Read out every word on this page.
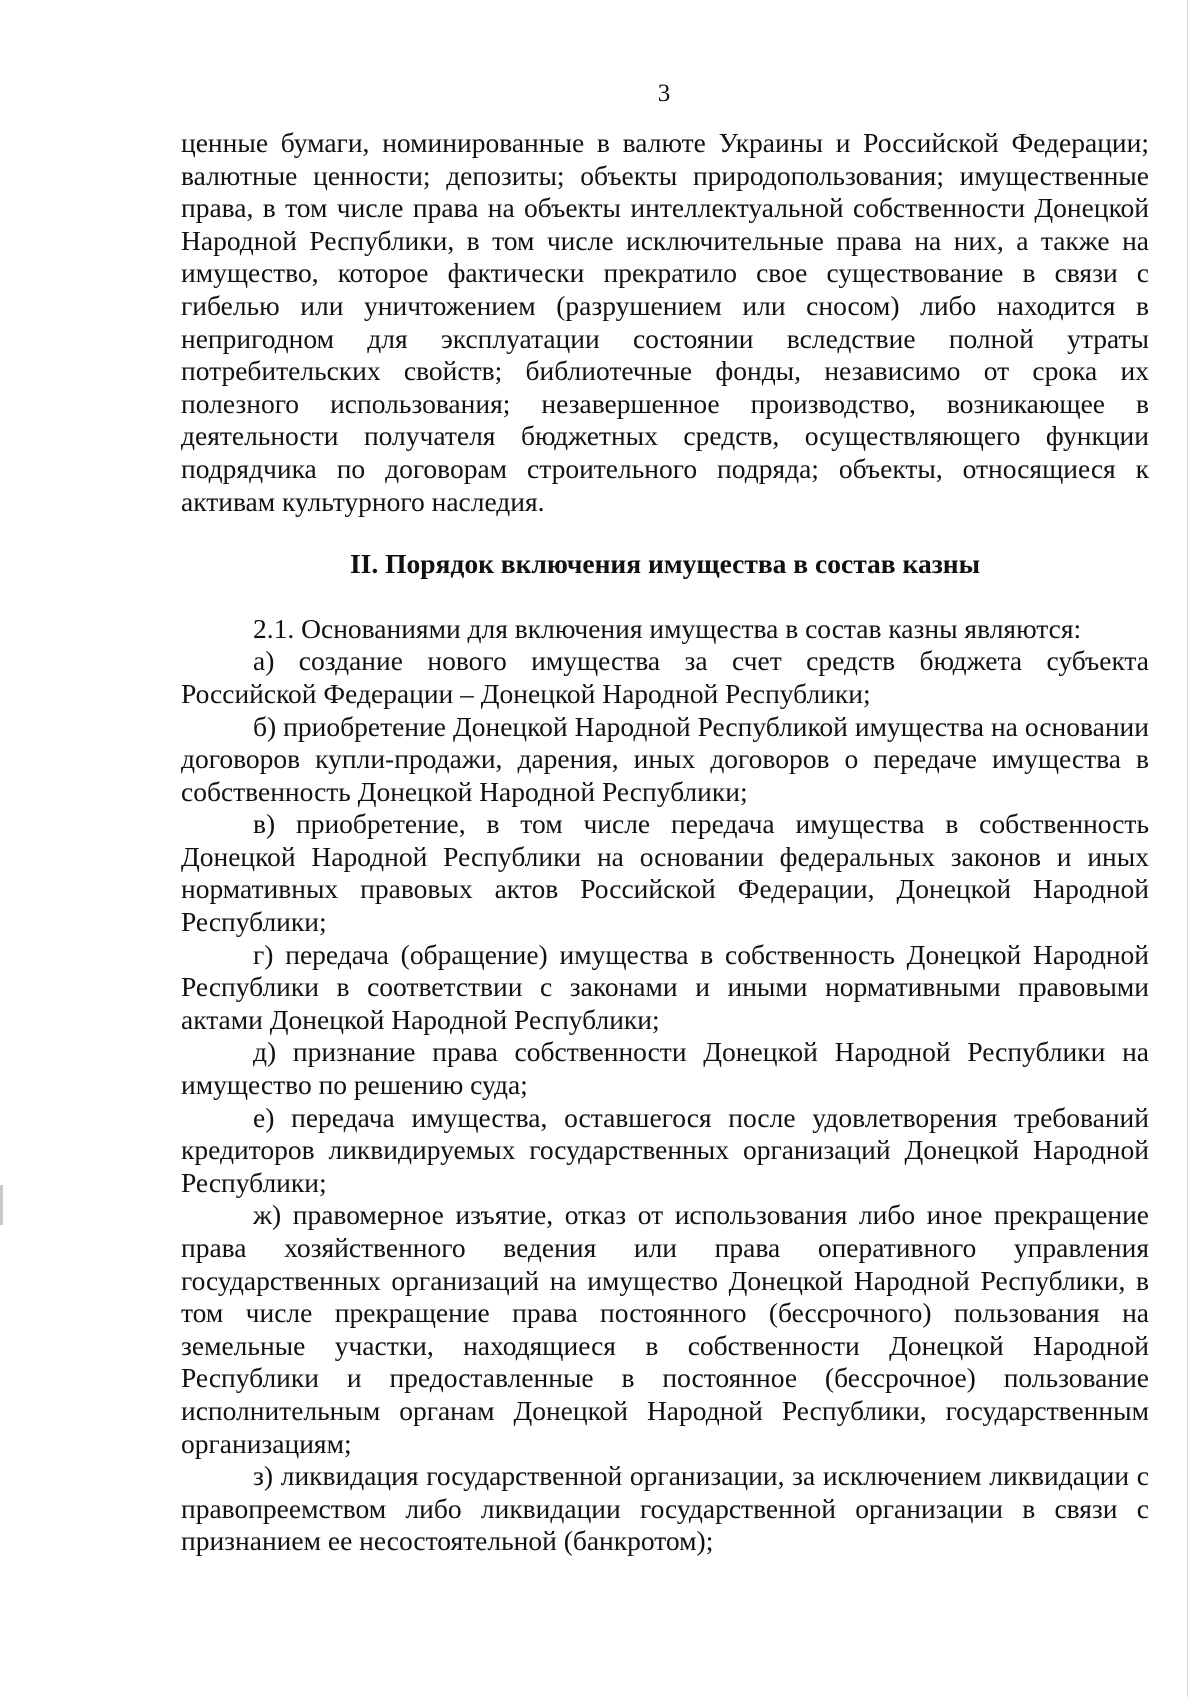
3

ценные бумаги, номинированные в валюте Украины и Российской Федерации; валютные ценности; депозиты; объекты природопользования; имущественные права, в том числе права на объекты интеллектуальной собственности Донецкой Народной Республики, в том числе исключительные права на них, а также на имущество, которое фактически прекратило свое существование в связи с гибелью или уничтожением (разрушением или сносом) либо находится в непригодном для эксплуатации состоянии вследствие полной утраты потребительских свойств; библиотечные фонды, независимо от срока их полезного использования; незавершенное производство, возникающее в деятельности получателя бюджетных средств, осуществляющего функции подрядчика по договорам строительного подряда; объекты, относящиеся к активам культурного наследия.

II. Порядок включения имущества в состав казны

2.1. Основаниями для включения имущества в состав казны являются:

а) создание нового имущества за счет средств бюджета субъекта Российской Федерации – Донецкой Народной Республики;

б) приобретение Донецкой Народной Республикой имущества на основании договоров купли-продажи, дарения, иных договоров о передаче имущества в собственность Донецкой Народной Республики;

в) приобретение, в том числе передача имущества в собственность Донецкой Народной Республики на основании федеральных законов и иных нормативных правовых актов Российской Федерации, Донецкой Народной Республики;

г) передача (обращение) имущества в собственность Донецкой Народной Республики в соответствии с законами и иными нормативными правовыми актами Донецкой Народной Республики;

д) признание права собственности Донецкой Народной Республики на имущество по решению суда;

е) передача имущества, оставшегося после удовлетворения требований кредиторов ликвидируемых государственных организаций Донецкой Народной Республики;

ж) правомерное изъятие, отказ от использования либо иное прекращение права хозяйственного ведения или права оперативного управления государственных организаций на имущество Донецкой Народной Республики, в том числе прекращение права постоянного (бессрочного) пользования на земельные участки, находящиеся в собственности Донецкой Народной Республики и предоставленные в постоянное (бессрочное) пользование исполнительным органам Донецкой Народной Республики, государственным организациям;

з) ликвидация государственной организации, за исключением ликвидации с правопреемством либо ликвидации государственной организации в связи с признанием ее несостоятельной (банкротом);
